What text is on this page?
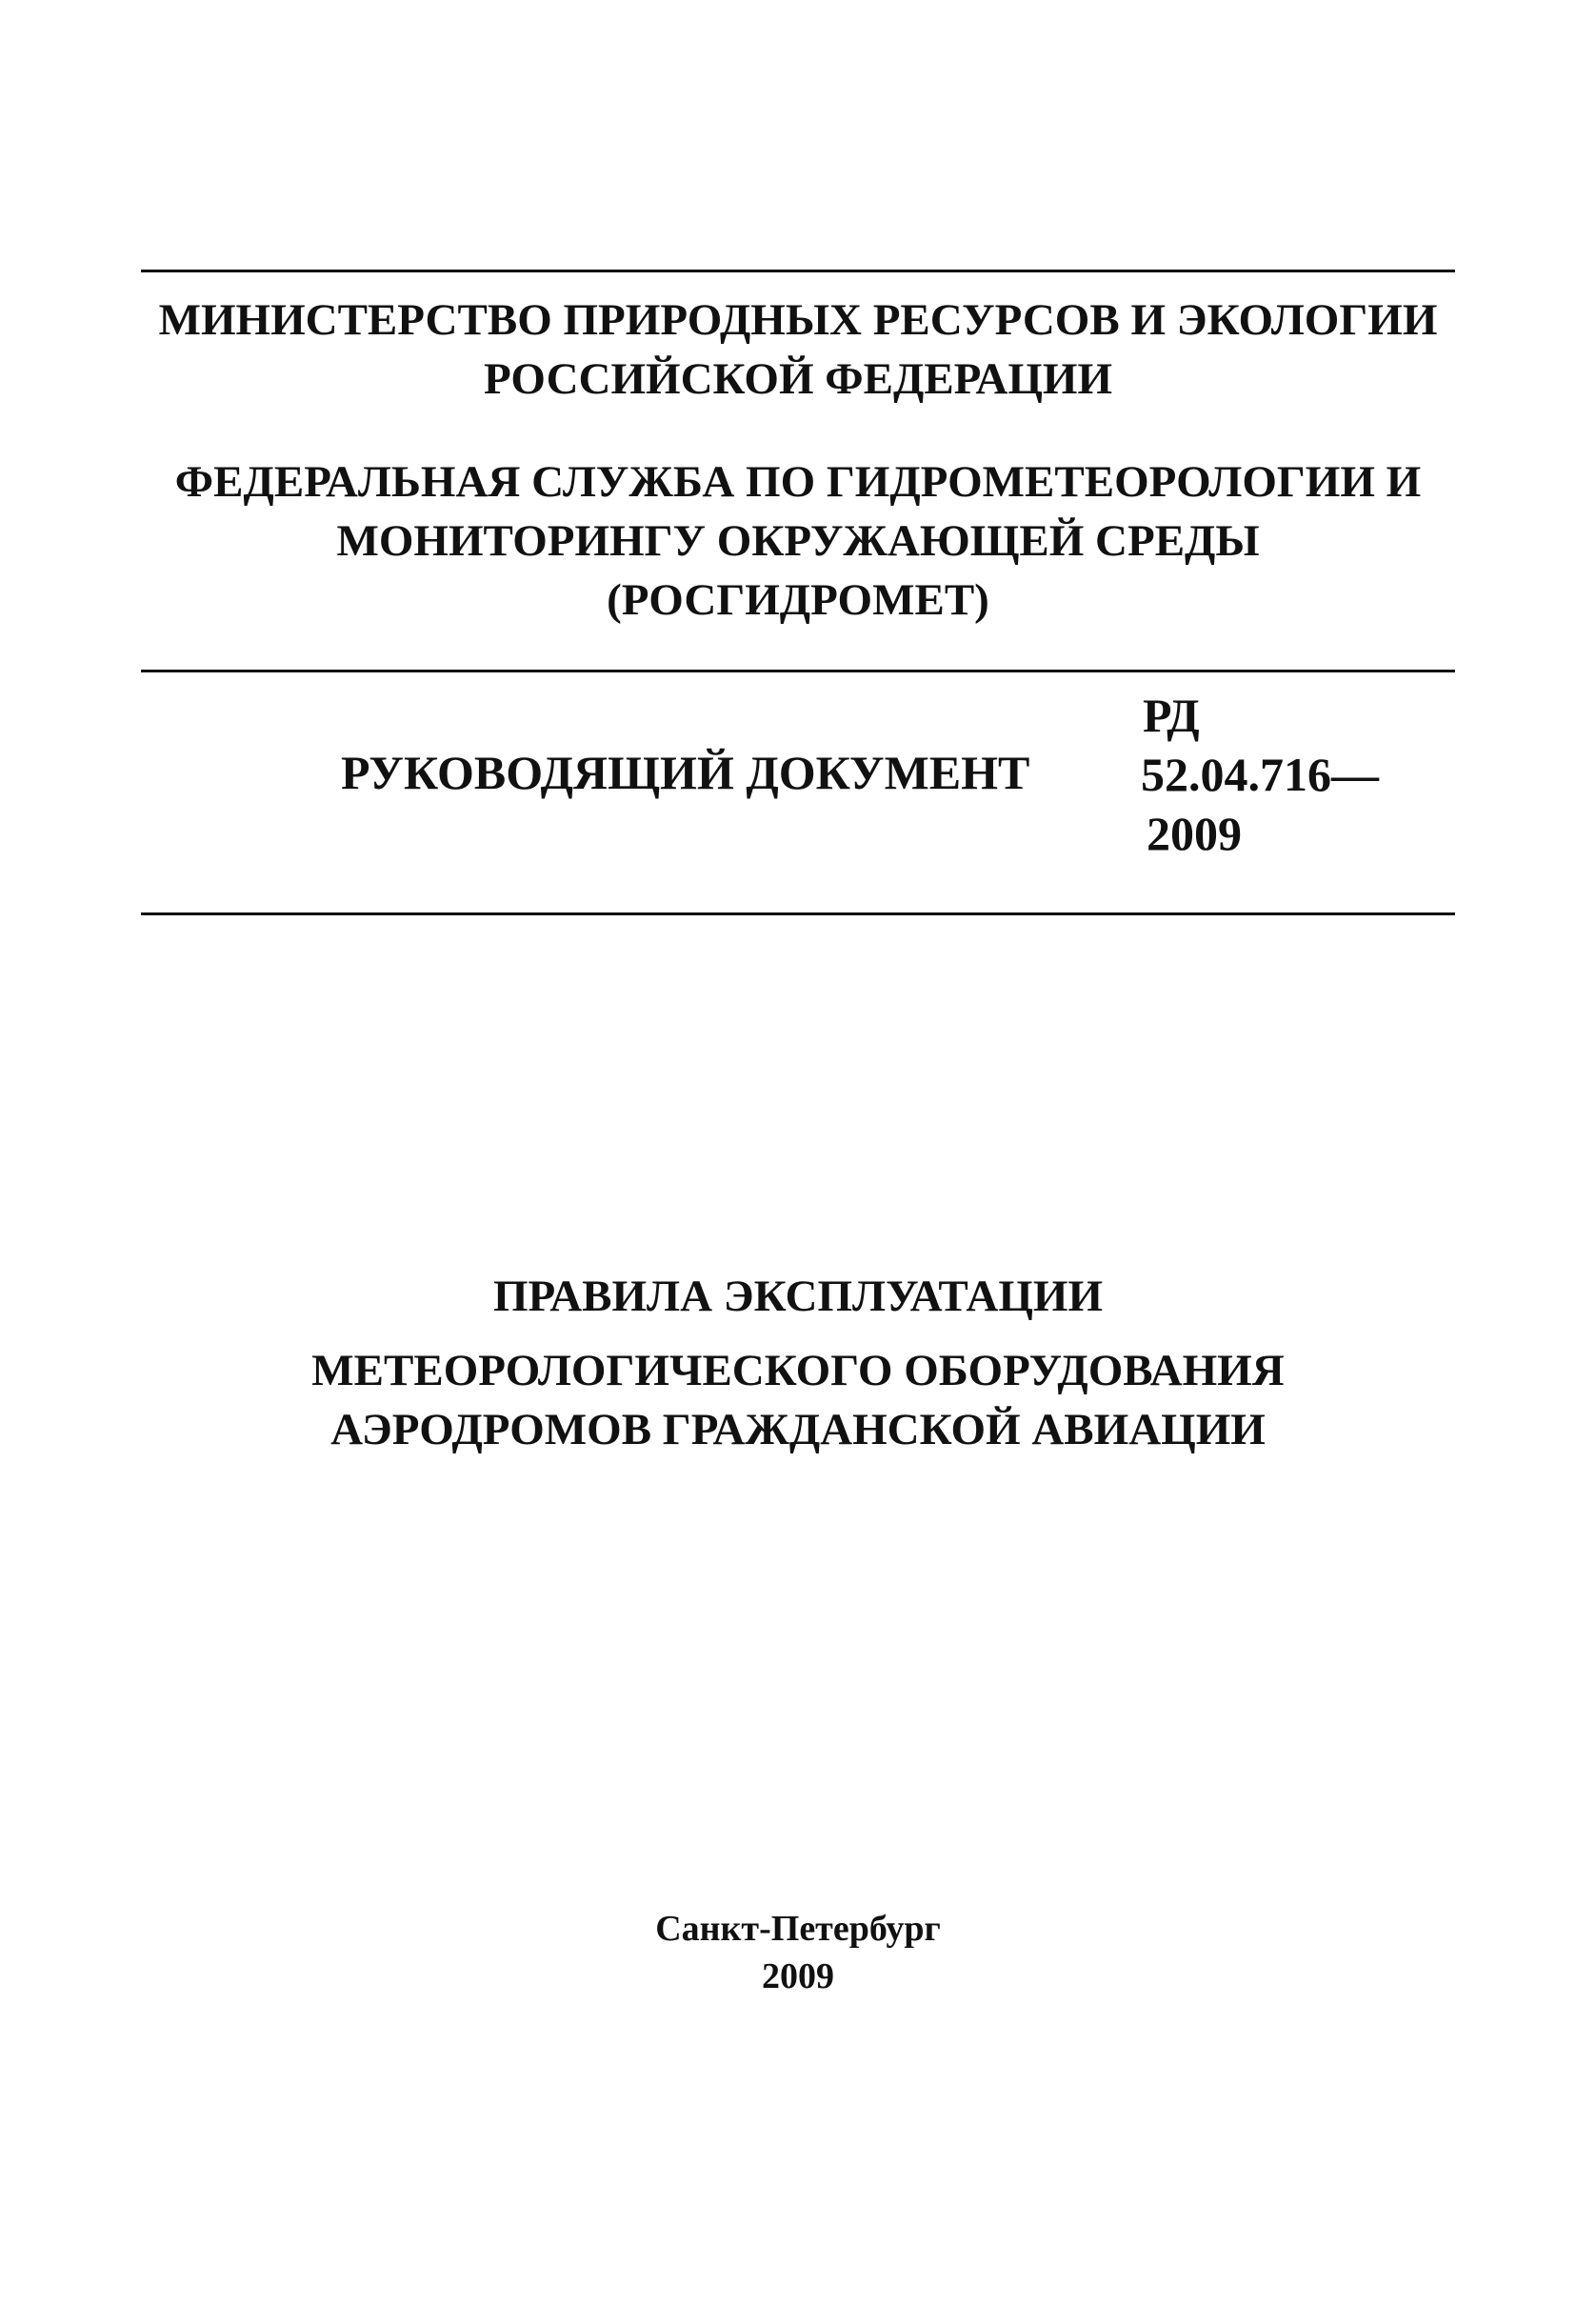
МИНИСТЕРСТВО ПРИРОДНЫХ РЕСУРСОВ И ЭКОЛОГИИ
РОССИЙСКОЙ ФЕДЕРАЦИИ
ФЕДЕРАЛЬНАЯ СЛУЖБА ПО ГИДРОМЕТЕОРОЛОГИИ И
МОНИТОРИНГУ ОКРУЖАЮЩЕЙ СРЕДЫ
(РОСГИДРОМЕТ)
РУКОВОДЯЩИЙ ДОКУМЕНТ
РД
52.04.716—
2009
ПРАВИЛА ЭКСПЛУАТАЦИИ
МЕТЕОРОЛОГИЧЕСКОГО ОБОРУДОВАНИЯ
АЭРОДРОМОВ ГРАЖДАНСКОЙ АВИАЦИИ
Санкт-Петербург
2009
